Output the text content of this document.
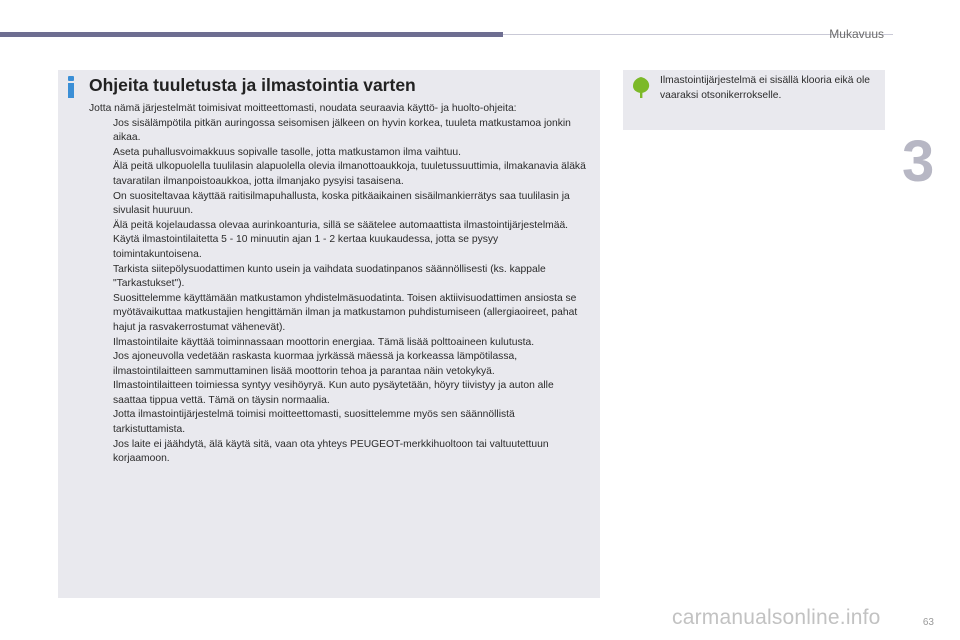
Mukavuus
3
Ohjeita tuuletusta ja ilmastointia varten

Jotta nämä järjestelmät toimisivat moitteettomasti, noudata seuraavia käyttö- ja huolto-ohjeita:

Jos sisälämpötila pitkän auringossa seisomisen jälkeen on hyvin korkea, tuuleta matkustamoa jonkin aikaa.

Aseta puhallusvoimakkuus sopivalle tasolle, jotta matkustamon ilma vaihtuu.

Älä peitä ulkopuolella tuulilasin alapuolella olevia ilmanottoaukkoja, tuuletussuuttimia, ilmakanavia äläkä tavaratilan ilmanpoistoaukkoa, jotta ilmanjako pysyisi tasaisena.

On suositeltavaa käyttää raitisilmapuhallusta, koska pitkäaikainen sisäilmankierrätys saa tuulilasin ja sivulasit huuruun.

Älä peitä kojelaudassa olevaa aurinkoanturia, sillä se säätelee automaattista ilmastointijärjestelmää.

Käytä ilmastointilaitetta 5 - 10 minuutin ajan 1 - 2 kertaa kuukaudessa, jotta se pysyy toimintakuntoisena.

Tarkista siitepölysuodattimen kunto usein ja vaihdata suodatinpanos säännöllisesti (ks. kappale "Tarkastukset").

Suosittelemme käyttämään matkustamon yhdistelmäsuodatinta. Toisen aktiivisuodattimen ansiosta se myötävaikuttaa matkustajien hengittämän ilman ja matkustamon puhdistumiseen (allergiaoireet, pahat hajut ja rasvakerrostumat vähenevät).

Ilmastointilaite käyttää toiminnassaan moottorin energiaa. Tämä lisää polttoaineen kulutusta.

Jos ajoneuvolla vedetään raskasta kuormaa jyrkässä mäessä ja korkeassa lämpötilassa, ilmastointilaitteen sammuttaminen lisää moottorin tehoa ja parantaa näin vetokykyä.

Ilmastointilaitteen toimiessa syntyy vesihöyryä. Kun auto pysäytetään, höyry tiivistyy ja auton alle saattaa tippua vettä. Tämä on täysin normaalia.

Jotta ilmastointijärjestelmä toimisi moitteettomasti, suosittelemme myös sen säännöllistä tarkistuttamista.

Jos laite ei jäähdytä, älä käytä sitä, vaan ota yhteys PEUGEOT-merkkihuoltoon tai valtuutettuun korjaamoon.

Ilmastointijärjestelmä ei sisällä klooria eikä ole vaaraksi otsonikerrokselle.
carmanualsonline.info	63
